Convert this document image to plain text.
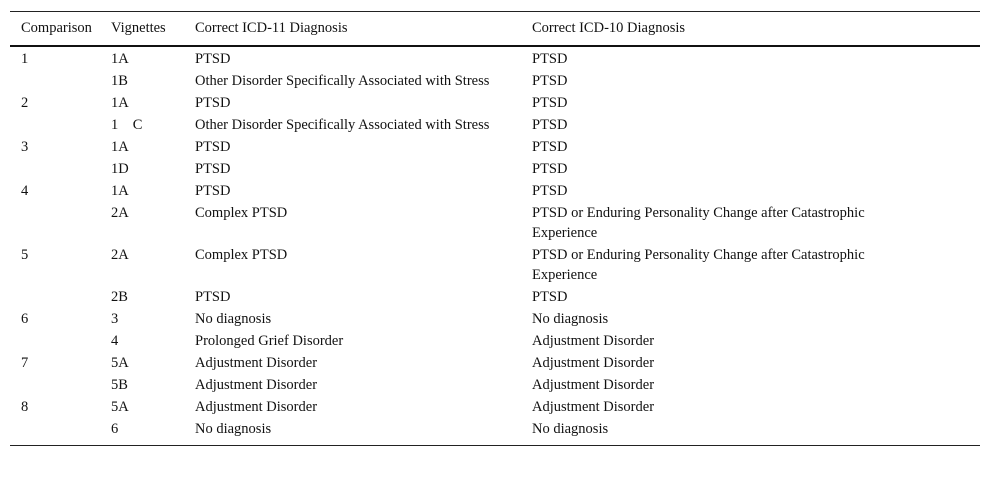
Comparison	Vignettes	Correct ICD-11 Diagnosis	Correct ICD-10 Diagnosis
1	1A	PTSD	PTSD
	1B	Other Disorder Specifically Associated with Stress	PTSD
2	1A	PTSD	PTSD
	1 C	Other Disorder Specifically Associated with Stress	PTSD
3	1A	PTSD	PTSD
	1D	PTSD	PTSD
4	1A	PTSD	PTSD
	2A	Complex PTSD	PTSD or Enduring Personality Change after Catastrophic Experience
5	2A	Complex PTSD	PTSD or Enduring Personality Change after Catastrophic Experience
	2B	PTSD	PTSD
6	3	No diagnosis	No diagnosis
	4	Prolonged Grief Disorder	Adjustment Disorder
7	5A	Adjustment Disorder	Adjustment Disorder
	5B	Adjustment Disorder	Adjustment Disorder
8	5A	Adjustment Disorder	Adjustment Disorder
	6	No diagnosis	No diagnosis
